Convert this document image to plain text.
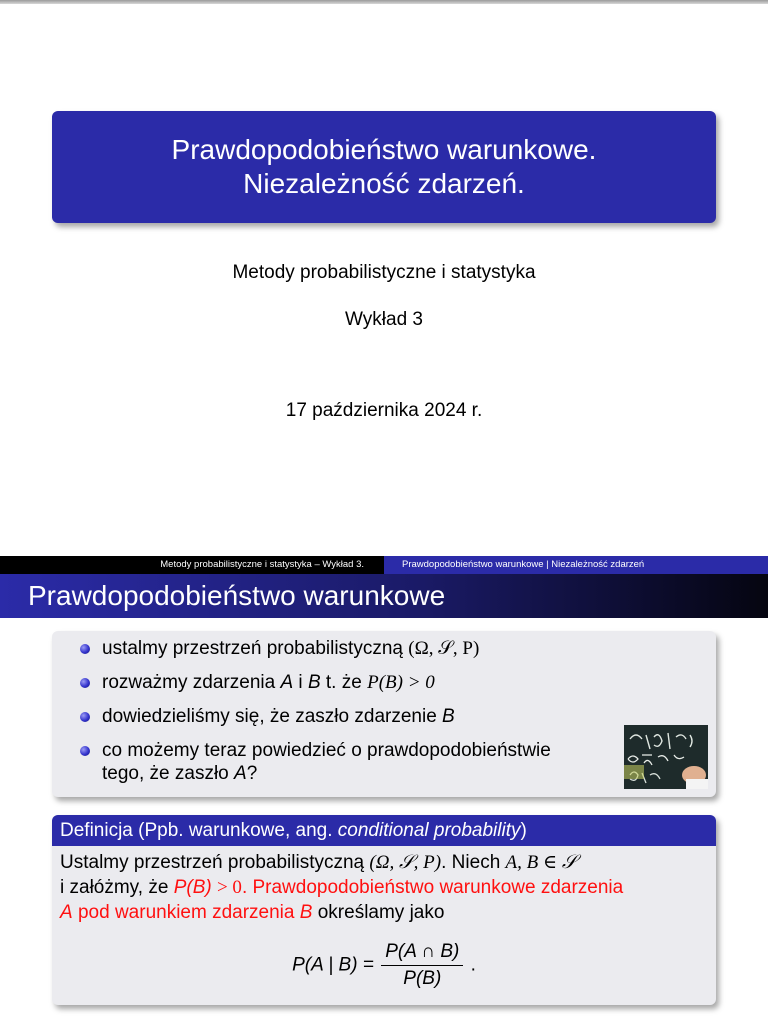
Prawdopodobieństwo warunkowe.
Niezależność zdarzeń.
Metody probabilistyczne i statystyka
Wykład 3
17 października 2024 r.
Metody probabilistyczne i statystyka – Wykład 3.	Prawdopodobieństwo warunkowe | Niezależność zdarzeń
Prawdopodobieństwo warunkowe
ustalmy przestrzeń probabilistyczną (Ω, 𝒮, P)
rozważmy zdarzenia A i B t. że P(B) > 0
dowiedzieliśmy się, że zaszło zdarzenie B
co możemy teraz powiedzieć o prawdopodobieństwie
tego, że zaszło A?
Definicja (Ppb. warunkowe, ang. conditional probability)
Ustalmy przestrzeń probabilistyczną (Ω, 𝒮, P). Niech A, B ∈ 𝒮
i załóżmy, że P(B) > 0. Prawdopodobieństwo warunkowe zdarzenia
A pod warunkiem zdarzenia B określamy jako
P(A | $B) = \frac{P(A \cap B)}{P(B)}$ .
